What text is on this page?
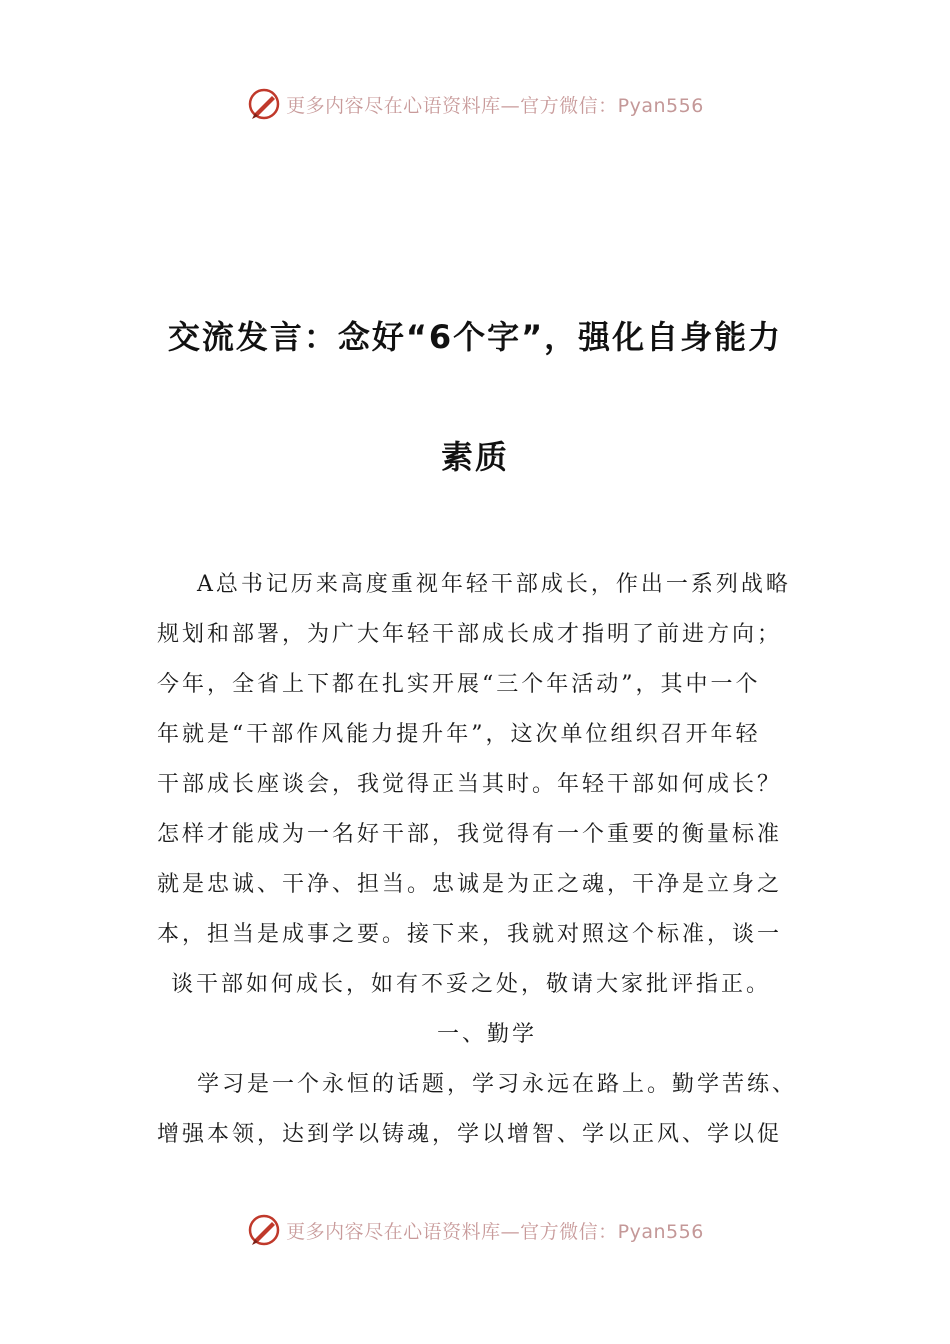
更多内容尽在心语资料库—官方微信：Pyan556
交流发言：念好“6个字”，强化自身能力
素质
A总书记历来高度重视年轻干部成长，作出一系列战略
规划和部署，为广大年轻干部成长成才指明了前进方向；
今年，全省上下都在扎实开展“三个年活动”，其中一个
年就是“干部作风能力提升年”，这次单位组织召开年轻
干部成长座谈会，我觉得正当其时。年轻干部如何成长？
怎样才能成为一名好干部，我觉得有一个重要的衡量标准
就是忠诚、干净、担当。忠诚是为正之魂，干净是立身之
本，担当是成事之要。接下来，我就对照这个标准，谈一
谈干部如何成长，如有不妥之处，敬请大家批评指正。
一、勤学
学习是一个永恒的话题，学习永远在路上。勤学苦练、
增强本领，达到学以铸魂，学以增智、学以正风、学以促
更多内容尽在心语资料库—官方微信：Pyan556
